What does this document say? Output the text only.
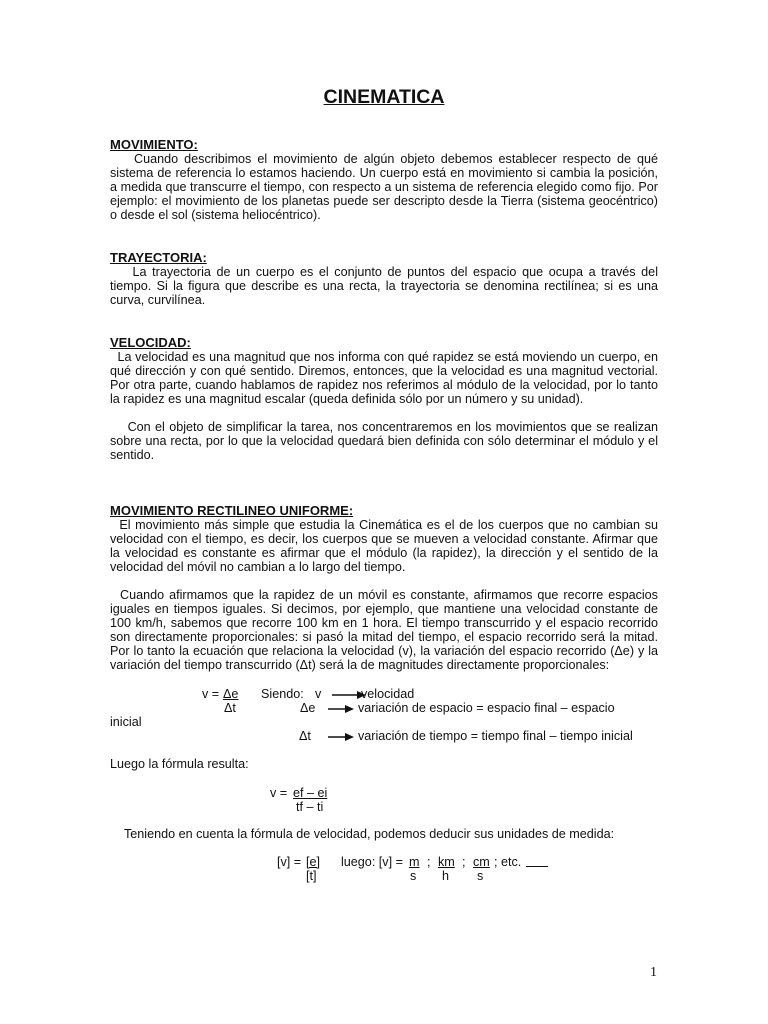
CINEMATICA
MOVIMIENTO:

Cuando describimos el movimiento de algún objeto debemos establecer respecto de qué sistema de referencia lo estamos haciendo. Un cuerpo está en movimiento si cambia la posición, a medida que transcurre el tiempo, con respecto a un sistema de referencia elegido como fijo. Por ejemplo: el movimiento de los planetas puede ser descripto desde la Tierra (sistema geocéntrico) o desde el sol (sistema heliocéntrico).

TRAYECTORIA:

La trayectoria de un cuerpo es el conjunto de puntos del espacio que ocupa a través del tiempo. Si la figura que describe es una recta, la trayectoria se denomina rectilínea; si es una curva, curvilínea.

VELOCIDAD:

La velocidad es una magnitud que nos informa con qué rapidez se está moviendo un cuerpo, en qué dirección y con qué sentido. Diremos, entonces, que la velocidad es una magnitud vectorial. Por otra parte, cuando hablamos de rapidez nos referimos al módulo de la velocidad, por lo tanto la rapidez es una magnitud escalar (queda definida sólo por un número y su unidad).

Con el objeto de simplificar la tarea, nos concentraremos en los movimientos que se realizan sobre una recta, por lo que la velocidad quedará bien definida con sólo determinar el módulo y el sentido.

MOVIMIENTO RECTILINEO UNIFORME:

El movimiento más simple que estudia la Cinemática es el de los cuerpos que no cambian su velocidad con el tiempo, es decir, los cuerpos que se mueven a velocidad constante. Afirmar que la velocidad es constante es afirmar que el módulo (la rapidez), la dirección y el sentido de la velocidad del móvil no cambian a lo largo del tiempo.

Cuando afirmamos que la rapidez de un móvil es constante, afirmamos que recorre espacios iguales en tiempos iguales. Si decimos, por ejemplo, que mantiene una velocidad constante de 100 km/h, sabemos que recorre 100 km en 1 hora. El tiempo transcurrido y el espacio recorrido son directamente proporcionales: si pasó la mitad del tiempo, el espacio recorrido será la mitad. Por lo tanto la ecuación que relaciona la velocidad (v), la variación del espacio recorrido (Δe) y la variación del tiempo transcurrido (Δt) será la de magnitudes directamente proporcionales:

v = Δe
Δt
Siendo: v	velocidad
Δe	variación de espacio = espacio final – espacio
inicial
Δt	variación de tiempo = tiempo final – tiempo inicial
Luego la fórmula resulta:
v = ef – ei
tf – ti
Teniendo en cuenta la fórmula de velocidad, podemos deducir sus unidades de medida:
[v] = [e]
[t]
luego: [v] = m
s
; km
h
; cm
s
; etc.
1
